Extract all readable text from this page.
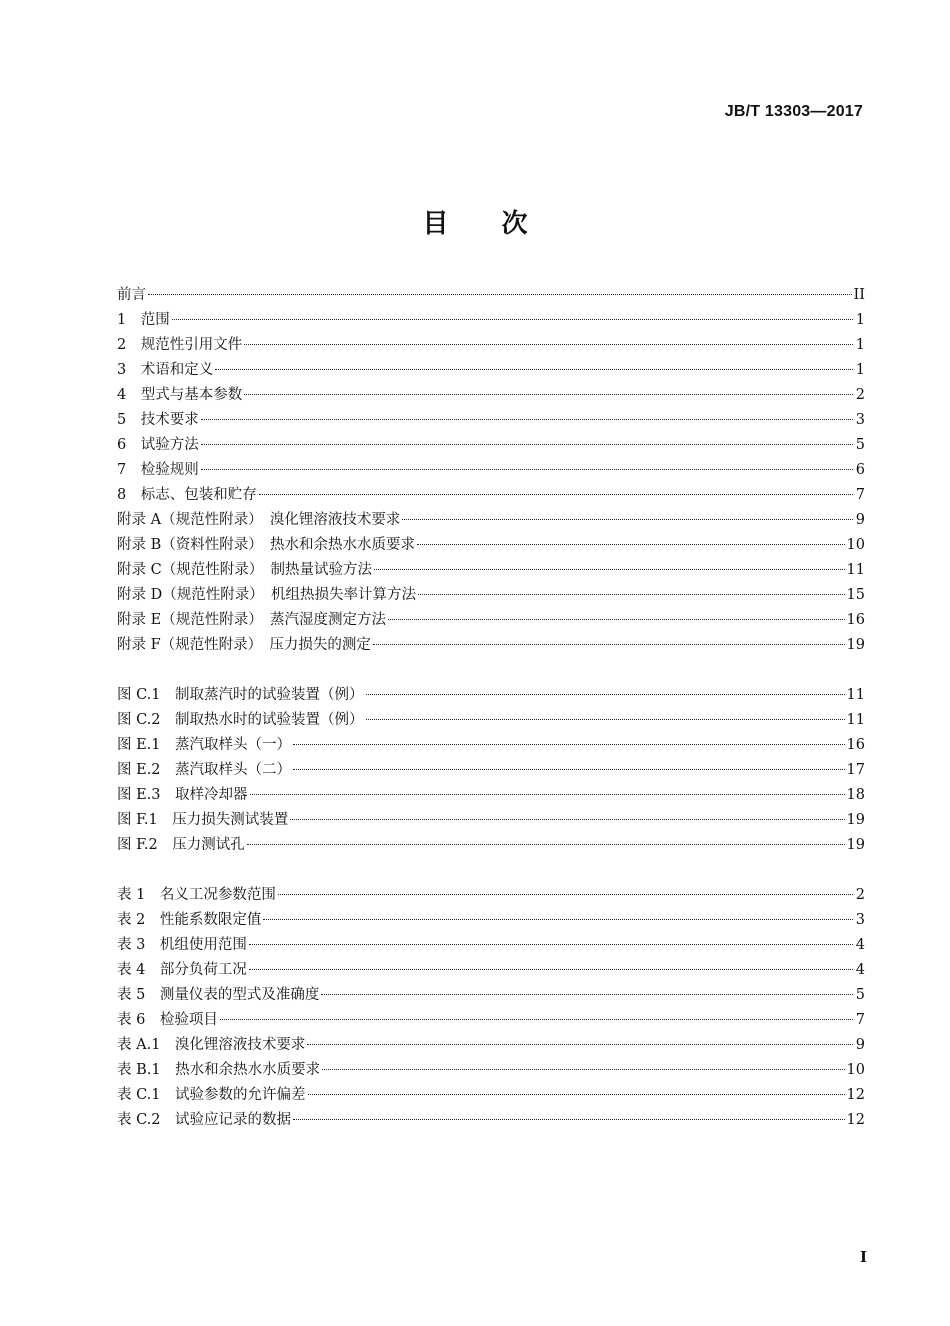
JB/T 13303—2017
目 次
前言	II
1　范围	1
2　规范性引用文件	1
3　术语和定义	1
4　型式与基本参数	2
5　技术要求	3
6　试验方法	5
7　检验规则	6
8　标志、包装和贮存	7
附录 A（规范性附录）　溴化锂溶液技术要求	9
附录 B（资料性附录）　热水和余热水水质要求	10
附录 C（规范性附录）　制热量试验方法	11
附录 D（规范性附录）　机组热损失率计算方法	15
附录 E（规范性附录）　蒸汽湿度测定方法	16
附录 F（规范性附录）　压力损失的测定	19
图 C.1　制取蒸汽时的试验装置（例）	11
图 C.2　制取热水时的试验装置（例）	11
图 E.1　蒸汽取样头（一）	16
图 E.2　蒸汽取样头（二）	17
图 E.3　取样冷却器	18
图 F.1　压力损失测试装置	19
图 F.2　压力测试孔	19
表 1　名义工况参数范围	2
表 2　性能系数限定值	3
表 3　机组使用范围	4
表 4　部分负荷工况	4
表 5　测量仪表的型式及准确度	5
表 6　检验项目	7
表 A.1　溴化锂溶液技术要求	9
表 B.1　热水和余热水水质要求	10
表 C.1　试验参数的允许偏差	12
表 C.2　试验应记录的数据	12
I
